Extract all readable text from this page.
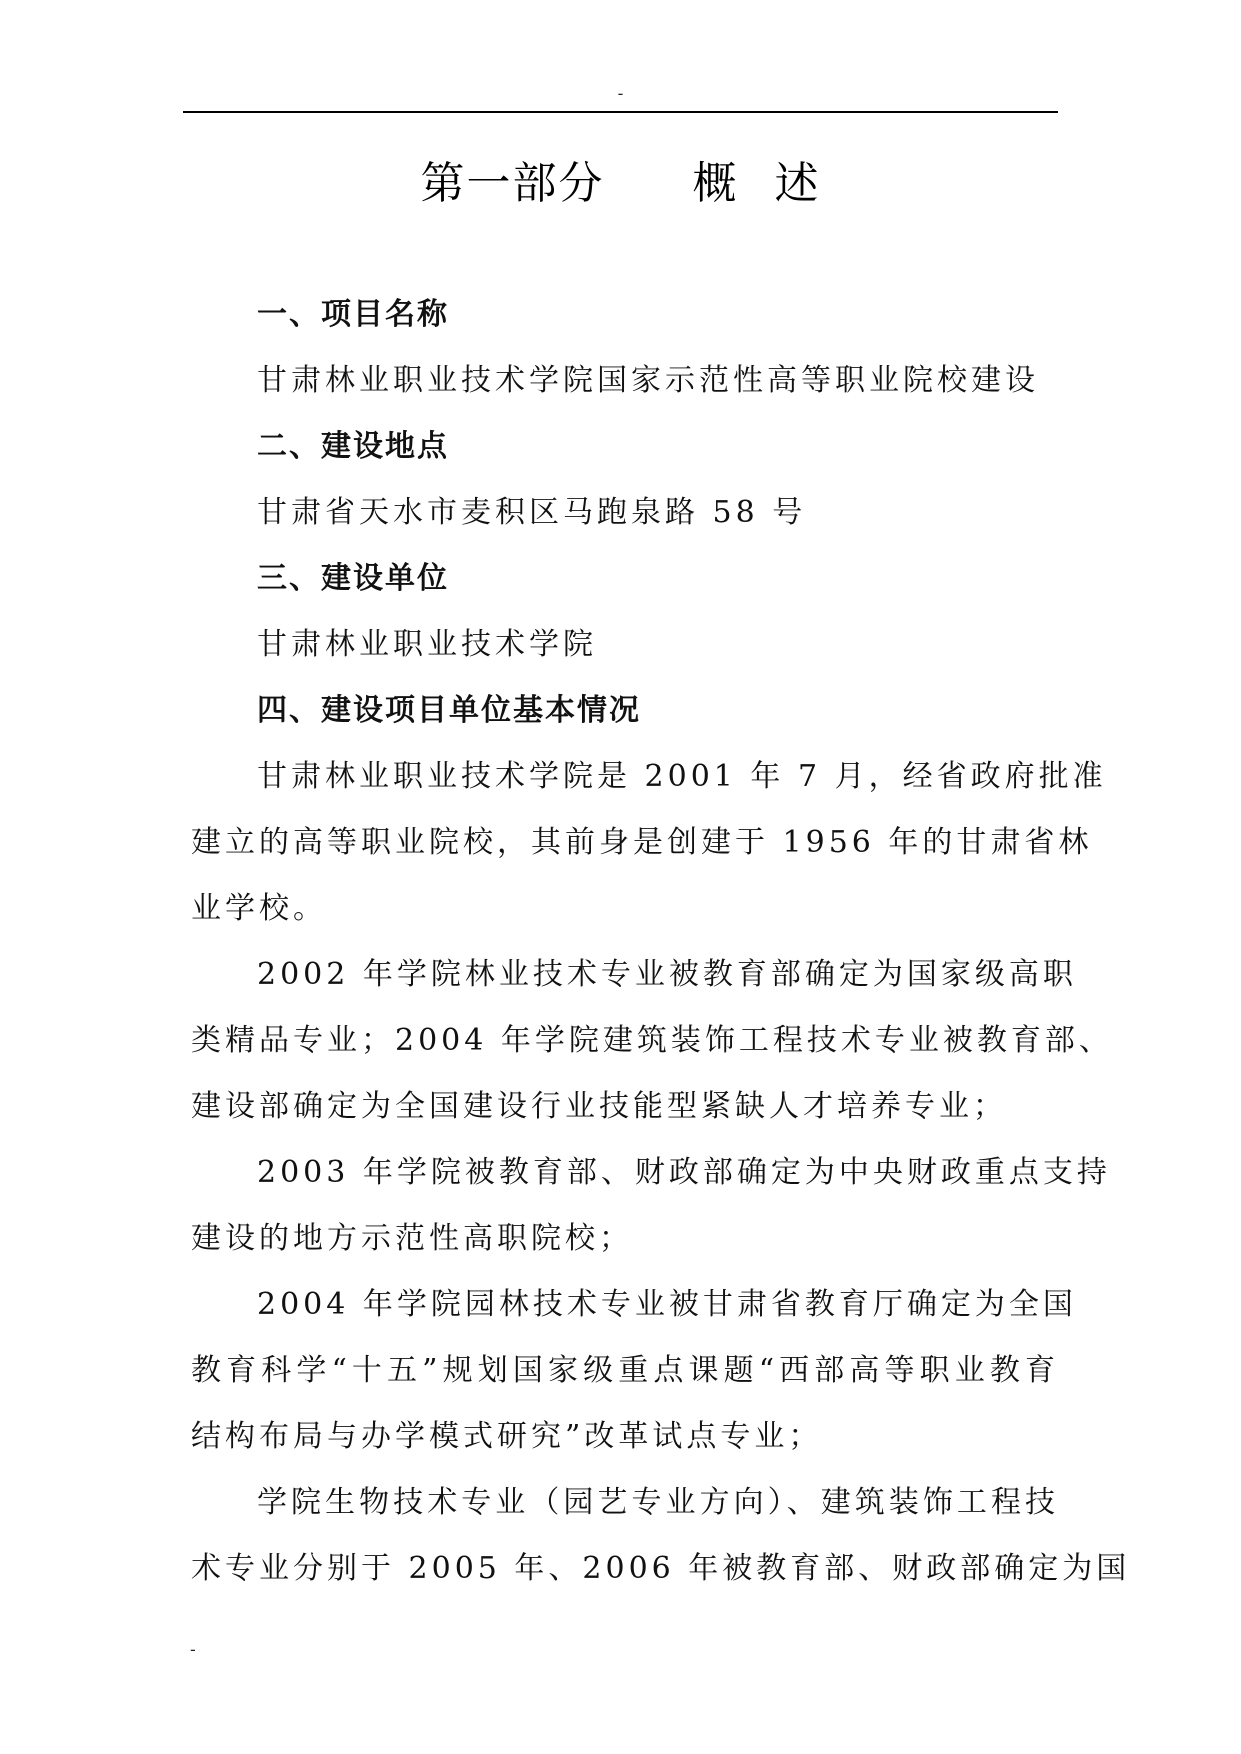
-
第一部分 概 述
一、项目名称
甘肃林业职业技术学院国家示范性高等职业院校建设
二、建设地点
甘肃省天水市麦积区马跑泉路 58 号
三、建设单位
甘肃林业职业技术学院
四、建设项目单位基本情况
甘肃林业职业技术学院是 2001 年 7 月，经省政府批准
建立的高等职业院校，其前身是创建于 1956 年的甘肃省林
业学校。
2002 年学院林业技术专业被教育部确定为国家级高职
类精品专业；2004 年学院建筑装饰工程技术专业被教育部、
建设部确定为全国建设行业技能型紧缺人才培养专业；
2003 年学院被教育部、财政部确定为中央财政重点支持
建设的地方示范性高职院校；
2004 年学院园林技术专业被甘肃省教育厅确定为全国
教育科学“十五”规划国家级重点课题“西部高等职业教育
结构布局与办学模式研究”改革试点专业；
学院生物技术专业（园艺专业方向）、建筑装饰工程技
术专业分别于 2005 年、2006 年被教育部、财政部确定为国
-
